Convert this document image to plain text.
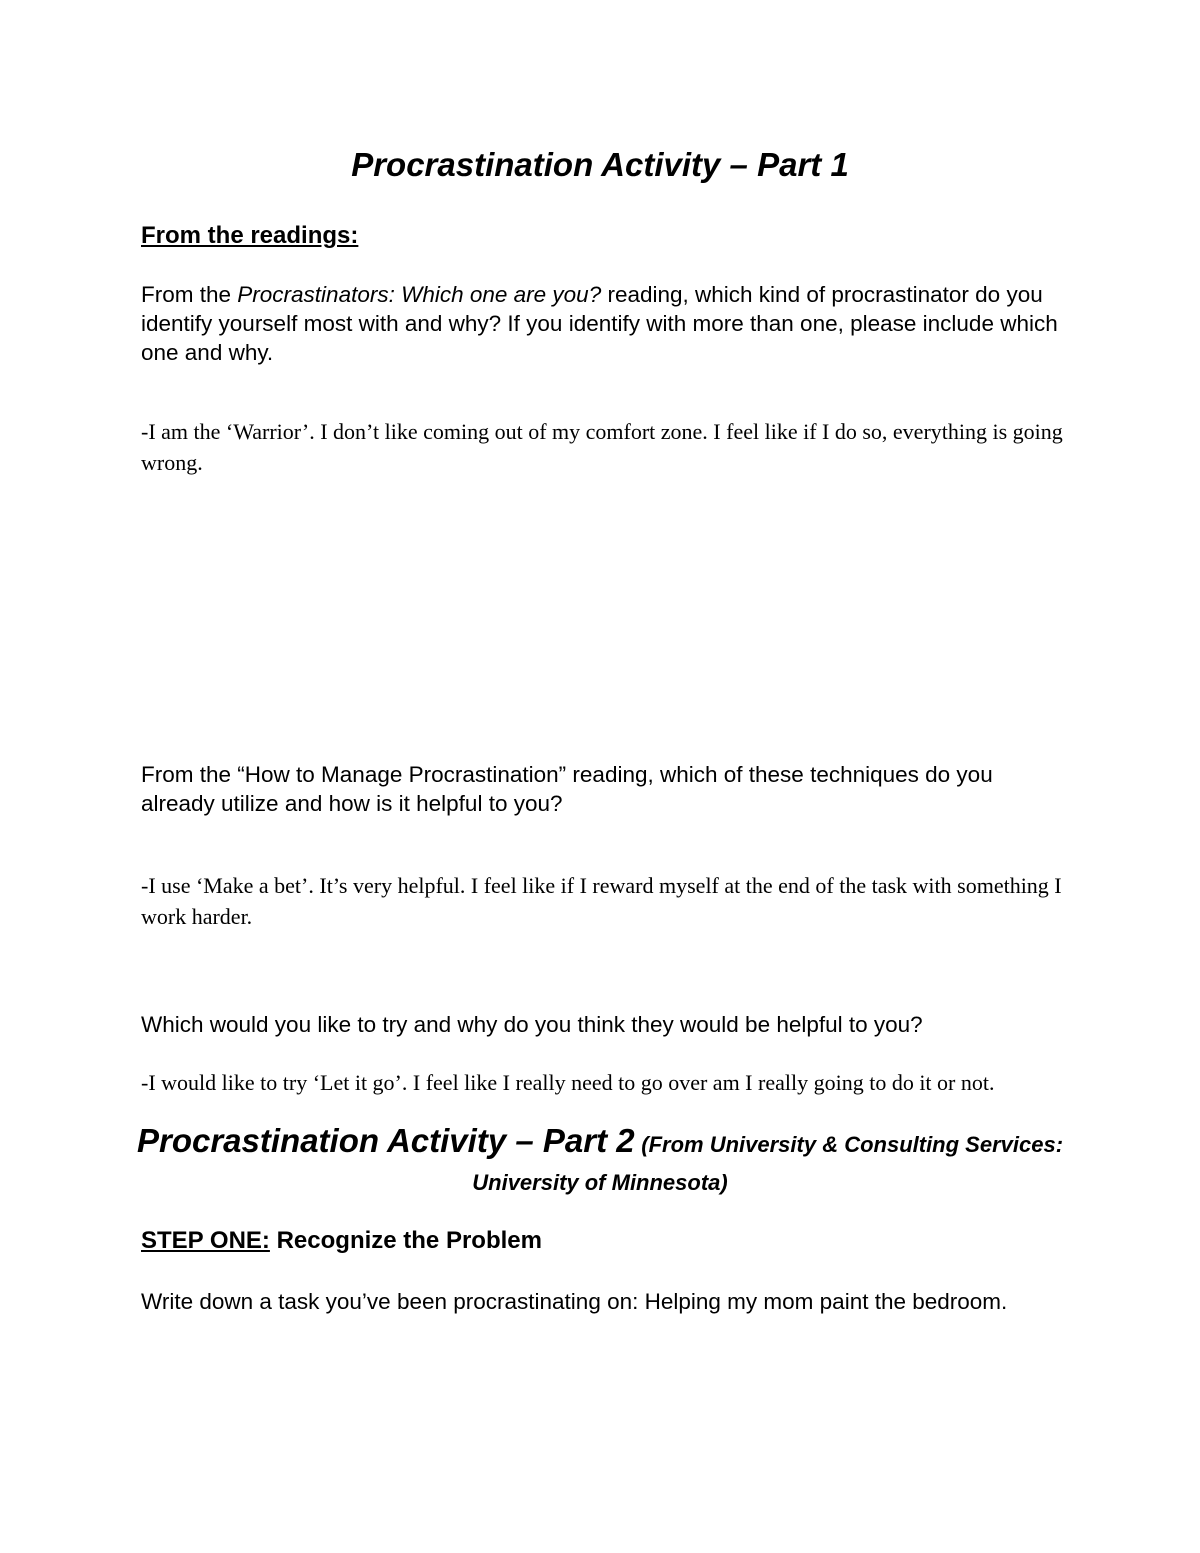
Procrastination Activity – Part 1
From the readings:

From the Procrastinators: Which one are you? reading, which kind of procrastinator do you identify yourself most with and why? If you identify with more than one, please include which one and why.

-I am the ‘Warrior’. I don’t like coming out of my comfort zone. I feel like if I do so, everything is going wrong.

From the “How to Manage Procrastination” reading, which of these techniques do you already utilize and how is it helpful to you?

-I use ‘Make a bet’. It’s very helpful. I feel like if I reward myself at the end of the task with something I work harder.

Which would you like to try and why do you think they would be helpful to you?

-I would like to try ‘Let it go’. I feel like I really need to go over am I really going to do it or not.

Procrastination Activity – Part 2 (From University & Consulting Services: University of Minnesota)
STEP ONE: Recognize the Problem

Write down a task you’ve been procrastinating on: Helping my mom paint the bedroom.
